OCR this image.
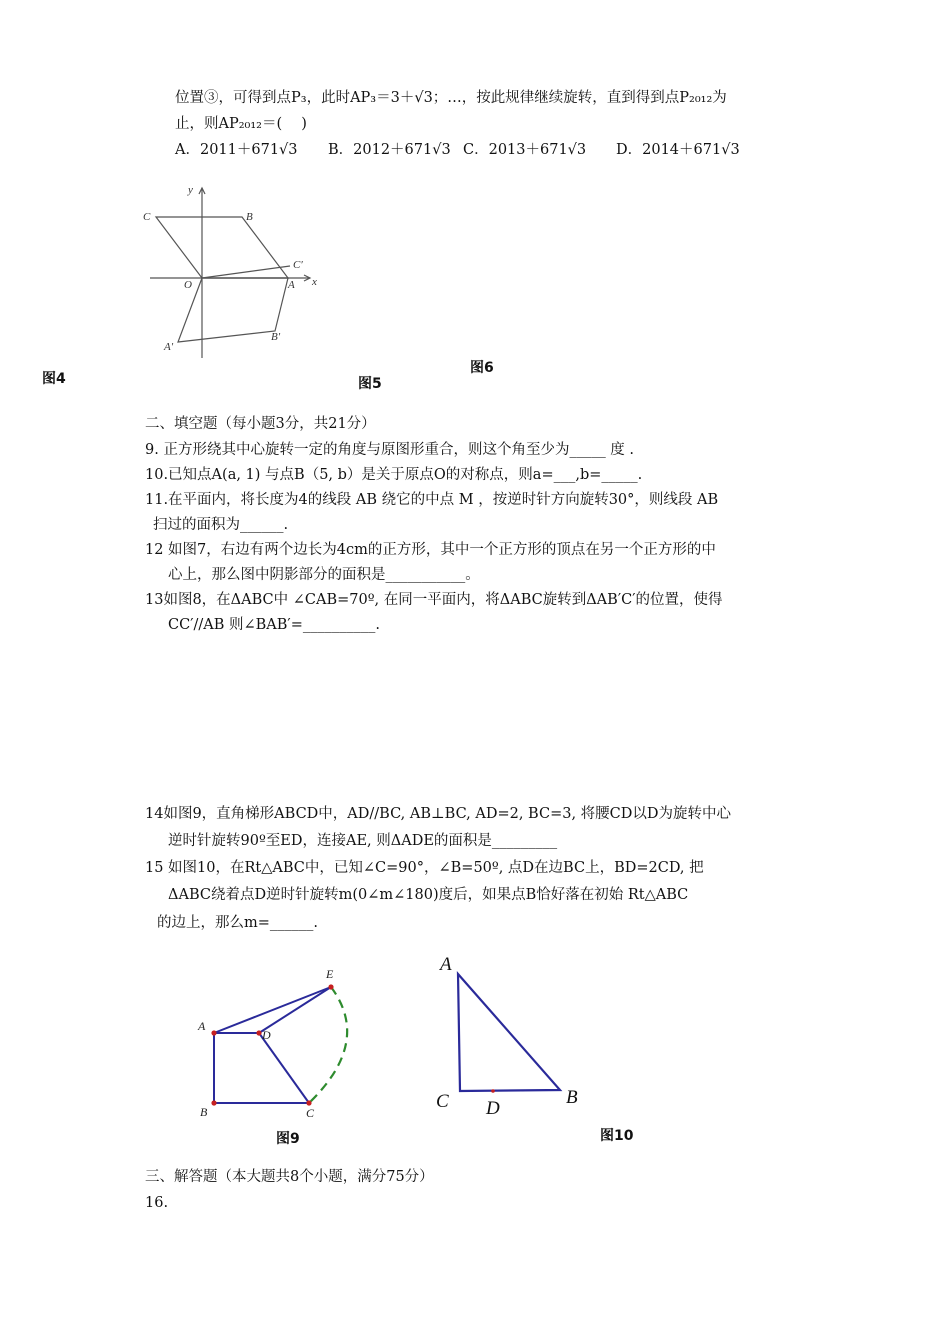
位置③，可得到点P₃，此时AP₃＝3＋√3；…，按此规律继续旋转，直到得到点P₂₀₁₂为
止，则AP₂₀₁₂＝(　 )
A．2011＋671√3 B．2012＋671√3 C．2013＋671√3 D．2014＋671√3
y
x
C	B
C′
O	A
A′
B′
图4	图5
图6
二、填空题（每小题3分，共21分）
9. 正方形绕其中心旋转一定的角度与原图形重合，则这个角至少为_____ 度 .
10.已知点A(a, 1) 与点B（5, b）是关于原点O的对称点，则a=___,b=_____.
11.在平面内，将长度为4的线段 AB 绕它的中点 M ，按逆时针方向旋转30°，则线段 AB
扫过的面积为______.
12 如图7，右边有两个边长为4cm的正方形，其中一个正方形的顶点在另一个正方形的中
心上，那么图中阴影部分的面积是___________。
13如图8，在ΔABC中 ∠CAB=70º, 在同一平面内，将ΔABC旋转到ΔAB′C′的位置，使得
CC′//AB 则∠BAB′=__________.
14如图9，直角梯形ABCD中，AD//BC, AB⊥BC, AD=2, BC=3, 将腰CD以D为旋转中心
逆时针旋转90º至ED，连接AE, 则ΔADE的面积是_________
15 如图10，在Rt△ABC中，已知∠C=90°，∠B=50º, 点D在边BC上，BD=2CD, 把
ΔABC绕着点D逆时针旋转m(0∠m∠180)度后，如果点B恰好落在初始 Rt△ABC
的边上，那么m=______.
A
B	C
D
E
图9
A
C D
B
图10
三、解答题（本大题共8个小题，满分75分）
16.
